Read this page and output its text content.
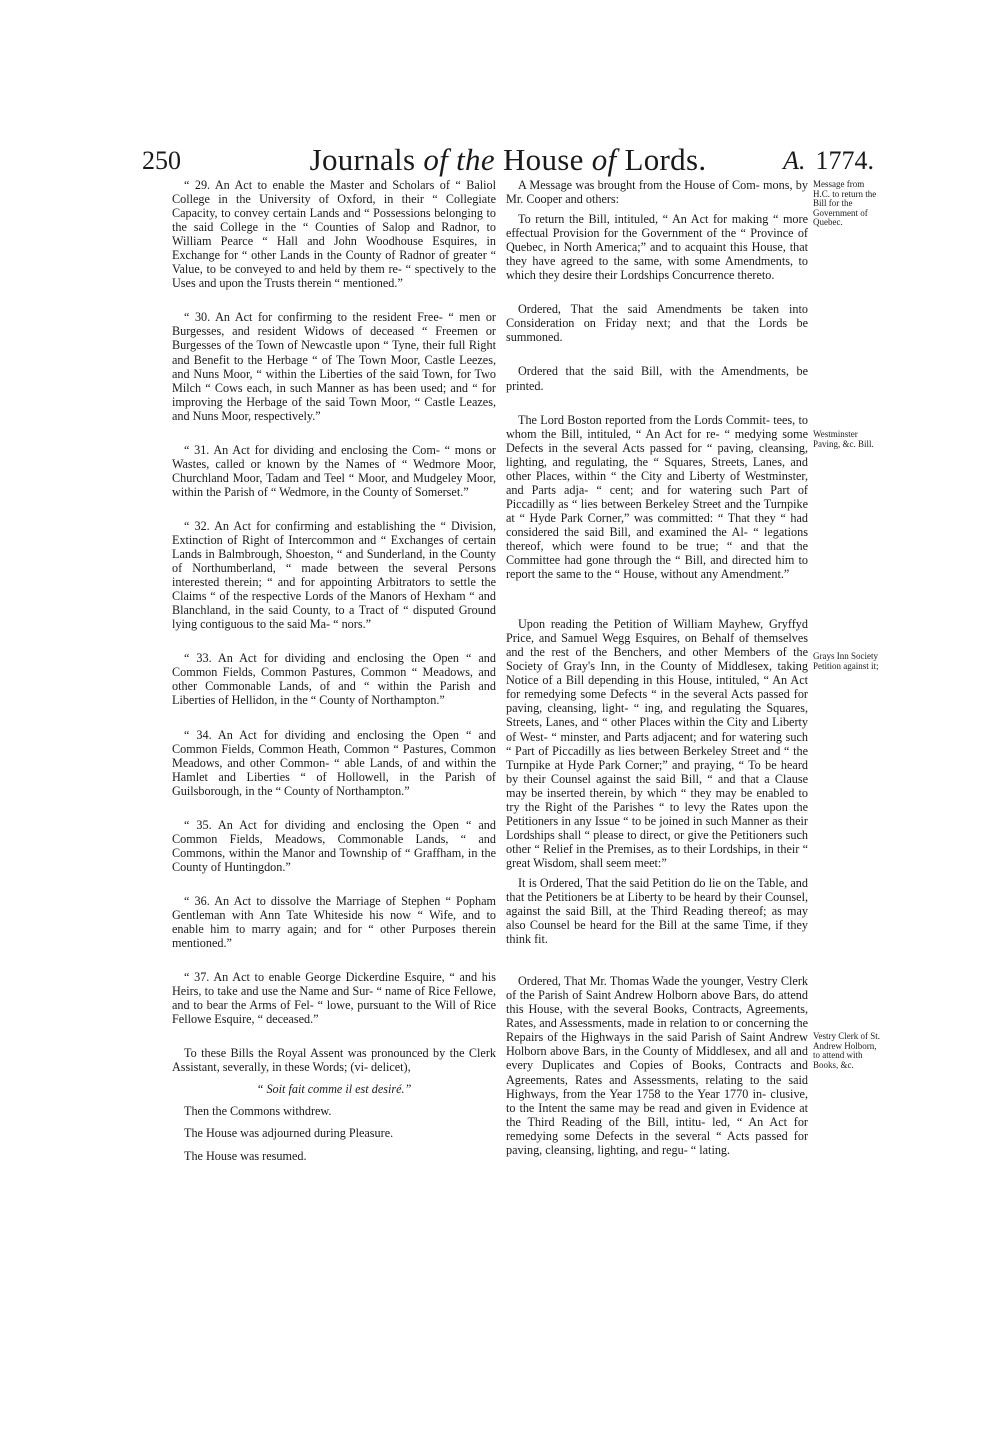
250	Journals of the House of Lords.	A. 1774.

“ 29. An Act to enable the Master and Scholars of “ Baliol College in the University of Oxford, in their “ Collegiate Capacity, to convey certain Lands and “ Possessions belonging to the said College in the “ Counties of Salop and Radnor, to William Pearce “ Hall and John Woodhouse Esquires, in Exchange for “ other Lands in the County of Radnor of greater “ Value, to be conveyed to and held by them re- “ spectively to the Uses and upon the Trusts therein “ mentioned.”

“ 30. An Act for confirming to the resident Free- “ men or Burgesses, and resident Widows of deceased “ Freemen or Burgesses of the Town of Newcastle upon “ Tyne, their full Right and Benefit to the Herbage “ of The Town Moor, Castle Leezes, and Nuns Moor, “ within the Liberties of the said Town, for Two Milch “ Cows each, in such Manner as has been used; and “ for improving the Herbage of the said Town Moor, “ Castle Leazes, and Nuns Moor, respectively.”

“ 31. An Act for dividing and enclosing the Com- “ mons or Wastes, called or known by the Names of “ Wedmore Moor, Churchland Moor, Tadam and Teel “ Moor, and Mudgeley Moor, within the Parish of “ Wedmore, in the County of Somerset.”

“ 32. An Act for confirming and establishing the “ Division, Extinction of Right of Intercommon and “ Exchanges of certain Lands in Balmbrough, Shoeston, “ and Sunderland, in the County of Northumberland, “ made between the several Persons interested therein; “ and for appointing Arbitrators to settle the Claims “ of the respective Lords of the Manors of Hexham “ and Blanchland, in the said County, to a Tract of “ disputed Ground lying contiguous to the said Ma- “ nors.”

“ 33. An Act for dividing and enclosing the Open “ and Common Fields, Common Pastures, Common “ Meadows, and other Commonable Lands, of and “ within the Parish and Liberties of Hellidon, in the “ County of Northampton.”

“ 34. An Act for dividing and enclosing the Open “ and Common Fields, Common Heath, Common “ Pastures, Common Meadows, and other Common- “ able Lands, of and within the Hamlet and Liberties “ of Hollowell, in the Parish of Guilsborough, in the “ County of Northampton.”

“ 35. An Act for dividing and enclosing the Open “ and Common Fields, Meadows, Commonable Lands, “ and Commons, within the Manor and Township of “ Graffham, in the County of Huntingdon.”

“ 36. An Act to dissolve the Marriage of Stephen “ Popham Gentleman with Ann Tate Whiteside his now “ Wife, and to enable him to marry again; and for “ other Purposes therein mentioned.”

“ 37. An Act to enable George Dickerdine Esquire, “ and his Heirs, to take and use the Name and Sur- “ name of Rice Fellowe, and to bear the Arms of Fel- “ lowe, pursuant to the Will of Rice Fellowe Esquire, “ deceased.”

To these Bills the Royal Assent was pronounced by the Clerk Assistant, severally, in these Words; (vi- delicet),

“ Soit fait comme il est desiré.”

Then the Commons withdrew.

The House was adjourned during Pleasure.

The House was resumed.

A Message was brought from the House of Com- mons, by Mr. Cooper and others:

To return the Bill, intituled, “ An Act for making “ more effectual Provision for the Government of the “ Province of Quebec, in North America;” and to acquaint this House, that they have agreed to the same, with some Amendments, to which they desire their Lordships Concurrence thereto.

Ordered, That the said Amendments be taken into Consideration on Friday next; and that the Lords be summoned.

Ordered that the said Bill, with the Amendments, be printed.

The Lord Boston reported from the Lords Commit- tees, to whom the Bill, intituled, “ An Act for re- “ medying some Defects in the several Acts passed for “ paving, cleansing, lighting, and regulating, the “ Squares, Streets, Lanes, and other Places, within “ the City and Liberty of Westminster, and Parts adja- “ cent; and for watering such Part of Piccadilly as “ lies between Berkeley Street and the Turnpike at “ Hyde Park Corner,” was committed: “ That they “ had considered the said Bill, and examined the Al- “ legations thereof, which were found to be true; “ and that the Committee had gone through the “ Bill, and directed him to report the same to the “ House, without any Amendment.”

Upon reading the Petition of William Mayhew, Gryffyd Price, and Samuel Wegg Esquires, on Behalf of themselves and the rest of the Benchers, and other Members of the Society of Gray's Inn, in the County of Middlesex, taking Notice of a Bill depending in this House, intituled, “ An Act for remedying some Defects “ in the several Acts passed for paving, cleansing, light- “ ing, and regulating the Squares, Streets, Lanes, and “ other Places within the City and Liberty of West- “ minster, and Parts adjacent; and for watering such “ Part of Piccadilly as lies between Berkeley Street and “ the Turnpike at Hyde Park Corner;” and praying, “ To be heard by their Counsel against the said Bill, “ and that a Clause may be inserted therein, by which “ they may be enabled to try the Right of the Parishes “ to levy the Rates upon the Petitioners in any Issue “ to be joined in such Manner as their Lordships shall “ please to direct, or give the Petitioners such other “ Relief in the Premises, as to their Lordships, in their “ great Wisdom, shall seem meet:”

It is Ordered, That the said Petition do lie on the Table, and that the Petitioners be at Liberty to be heard by their Counsel, against the said Bill, at the Third Reading thereof; as may also Counsel be heard for the Bill at the same Time, if they think fit.

Ordered, That Mr. Thomas Wade the younger, Vestry Clerk of the Parish of Saint Andrew Holborn above Bars, do attend this House, with the several Books, Contracts, Agreements, Rates, and Assessments, made in relation to or concerning the Repairs of the Highways in the said Parish of Saint Andrew Holborn above Bars, in the County of Middlesex, and all and every Duplicates and Copies of Books, Contracts and Agreements, Rates and Assessments, relating to the said Highways, from the Year 1758 to the Year 1770 in- clusive, to the Intent the same may be read and given in Evidence at the Third Reading of the Bill, intitu- led, “ An Act for remedying some Defects in the several “ Acts passed for paving, cleansing, lighting, and regu- “ lating.

Message from H.C. to return the Bill for the Government of Quebec.
Westminster Paving, &c. Bill.
Grays Inn Society Petition against it;
Vestry Clerk of St. Andrew Holborn, to attend with Books, &c.
